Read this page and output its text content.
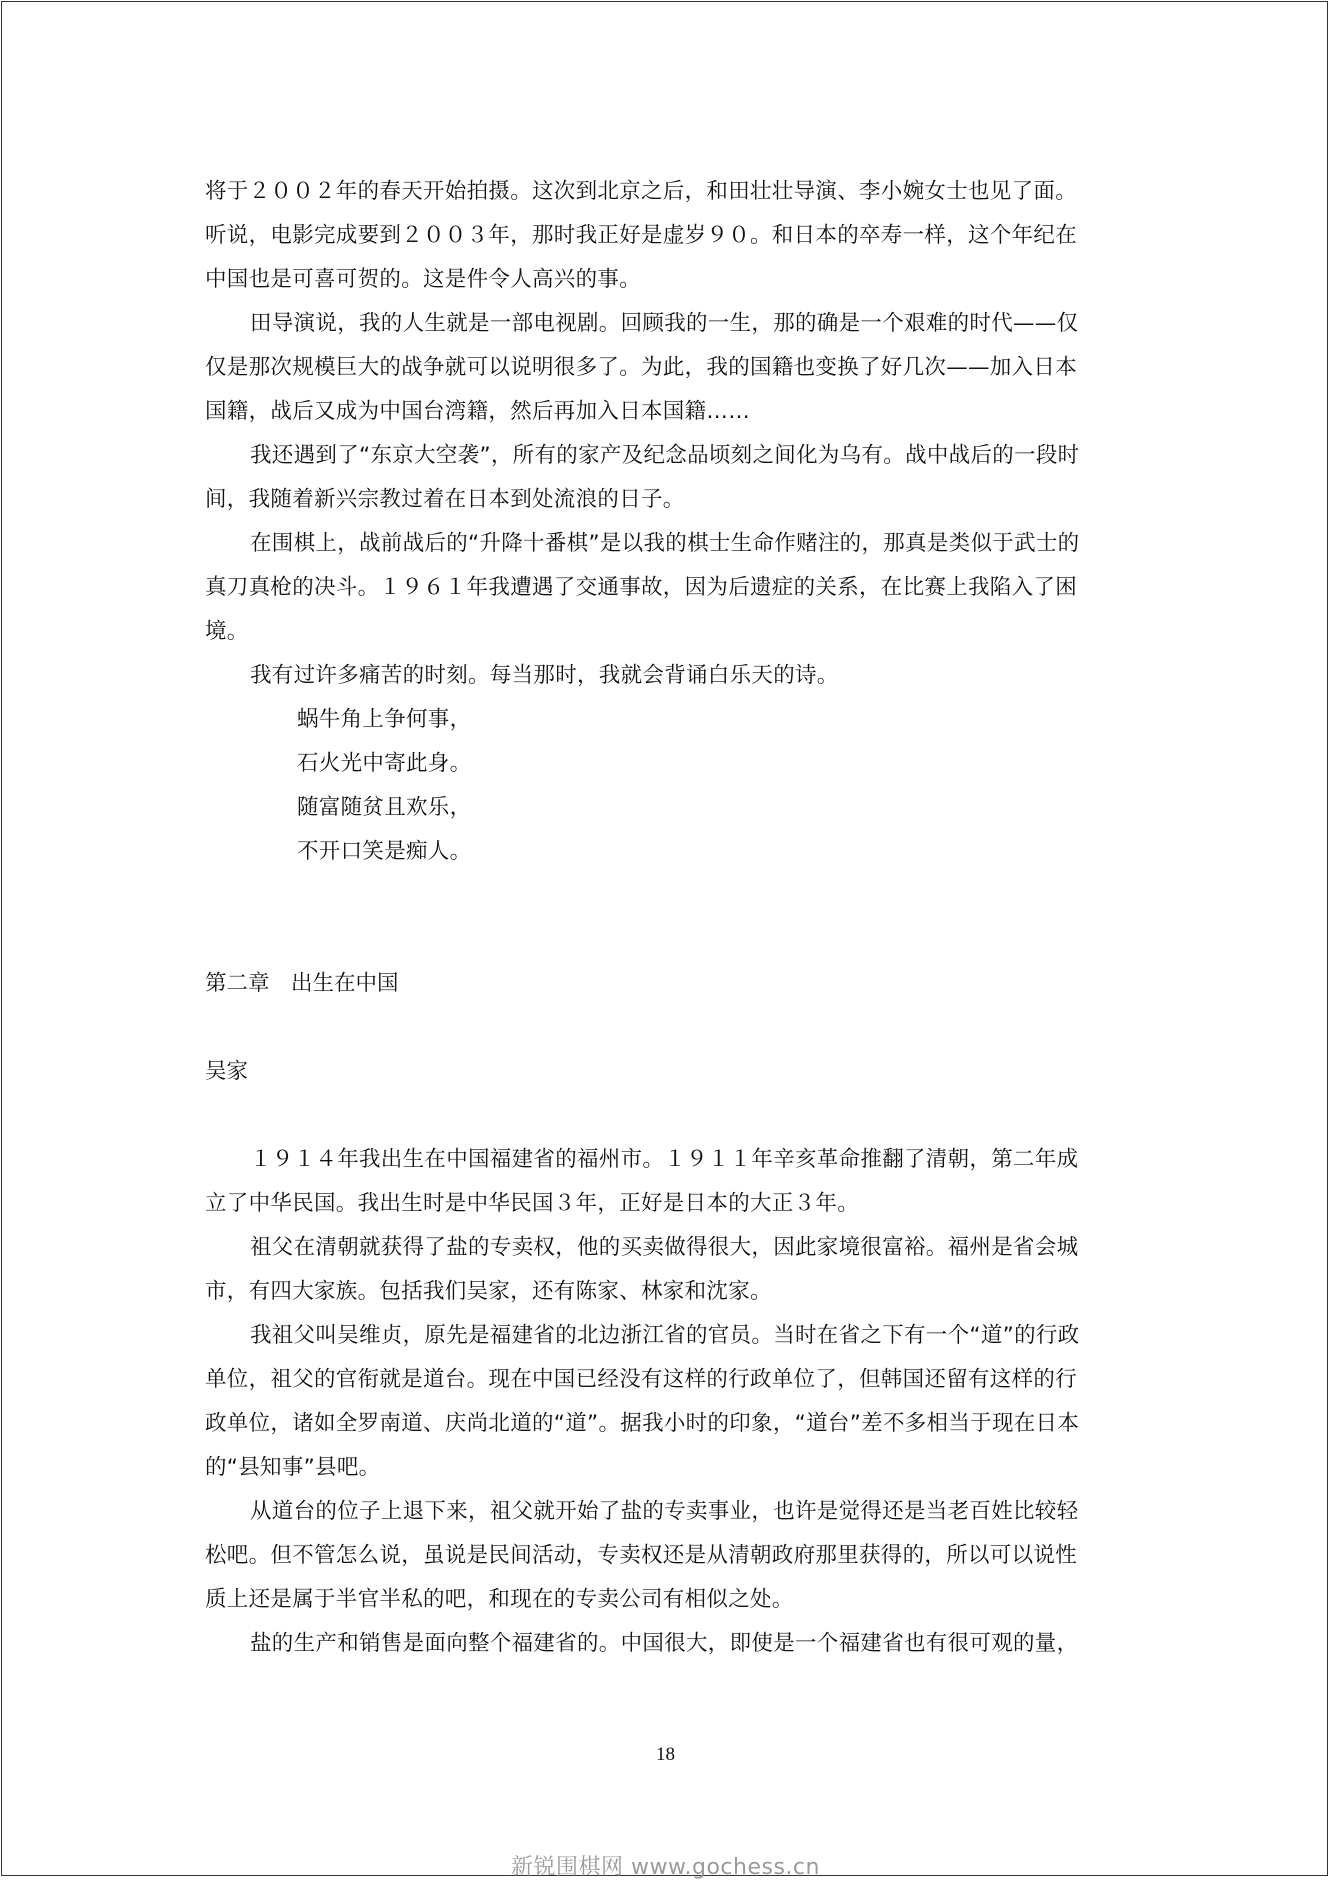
将于２００２年的春天开始拍摄。这次到北京之后，和田壮壮导演、李小婉女士也见了面。
听说，电影完成要到２００３年，那时我正好是虚岁９０。和日本的卒寿一样，这个年纪在
中国也是可喜可贺的。这是件令人高兴的事。
田导演说，我的人生就是一部电视剧。回顾我的一生，那的确是一个艰难的时代——仅
仅是那次规模巨大的战争就可以说明很多了。为此，我的国籍也变换了好几次——加入日本
国籍，战后又成为中国台湾籍，然后再加入日本国籍……
我还遇到了“东京大空袭”，所有的家产及纪念品顷刻之间化为乌有。战中战后的一段时
间，我随着新兴宗教过着在日本到处流浪的日子。
在围棋上，战前战后的“升降十番棋”是以我的棋士生命作赌注的，那真是类似于武士的
真刀真枪的决斗。１９６１年我遭遇了交通事故，因为后遗症的关系，在比赛上我陷入了困
境。
我有过许多痛苦的时刻。每当那时，我就会背诵白乐天的诗。
蜗牛角上争何事，
石火光中寄此身。
随富随贫且欢乐，
不开口笑是痴人。
第二章　出生在中国
吴家
１９１４年我出生在中国福建省的福州市。１９１１年辛亥革命推翻了清朝，第二年成
立了中华民国。我出生时是中华民国３年，正好是日本的大正３年。
祖父在清朝就获得了盐的专卖权，他的买卖做得很大，因此家境很富裕。福州是省会城
市，有四大家族。包括我们吴家，还有陈家、林家和沈家。
我祖父叫吴维贞，原先是福建省的北边浙江省的官员。当时在省之下有一个“道”的行政
单位，祖父的官衔就是道台。现在中国已经没有这样的行政单位了，但韩国还留有这样的行
政单位，诸如全罗南道、庆尚北道的“道”。据我小时的印象，“道台”差不多相当于现在日本
的“县知事”县吧。
从道台的位子上退下来，祖父就开始了盐的专卖事业，也许是觉得还是当老百姓比较轻
松吧。但不管怎么说，虽说是民间活动，专卖权还是从清朝政府那里获得的，所以可以说性
质上还是属于半官半私的吧，和现在的专卖公司有相似之处。
盐的生产和销售是面向整个福建省的。中国很大，即使是一个福建省也有很可观的量，
18
新锐围棋网 www.gochess.cn
